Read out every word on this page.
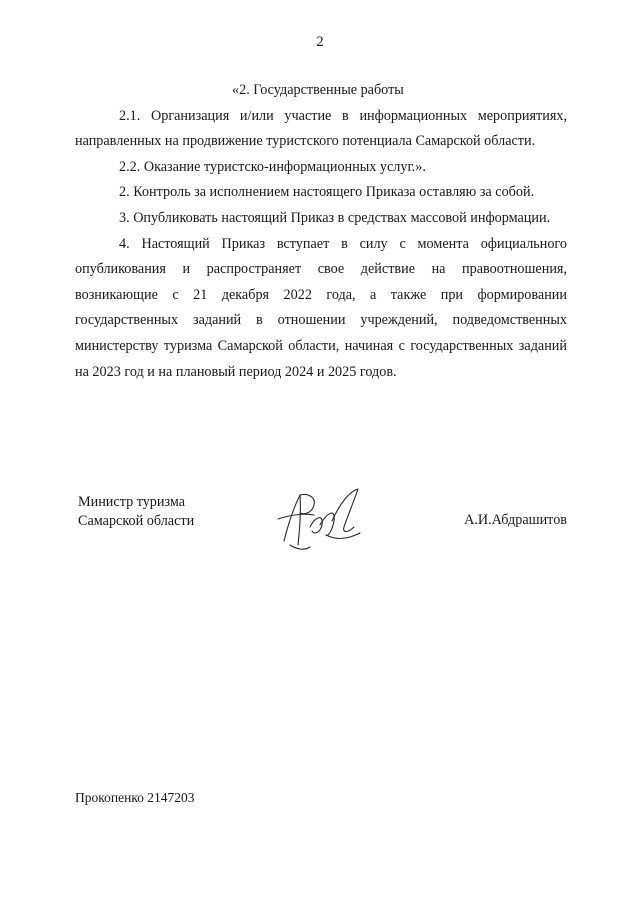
2

«2. Государственные работы

2.1. Организация и/или участие в информационных мероприятиях, направленных на продвижение туристского потенциала Самарской области.

2.2. Оказание туристско-информационных услуг.».

2. Контроль за исполнением настоящего Приказа оставляю за собой.

3. Опубликовать настоящий Приказ в средствах массовой информации.

4. Настоящий Приказ вступает в силу с момента официального опубликования и распространяет свое действие на правоотношения, возникающие с 21 декабря 2022 года, а также при формировании государственных заданий в отношении учреждений, подведомственных министерству туризма Самарской области, начиная с государственных заданий на 2023 год и на плановый период 2024 и 2025 годов.

Министр туризма
Самарской области	А.И.Абдрашитов
Прокопенко 2147203
